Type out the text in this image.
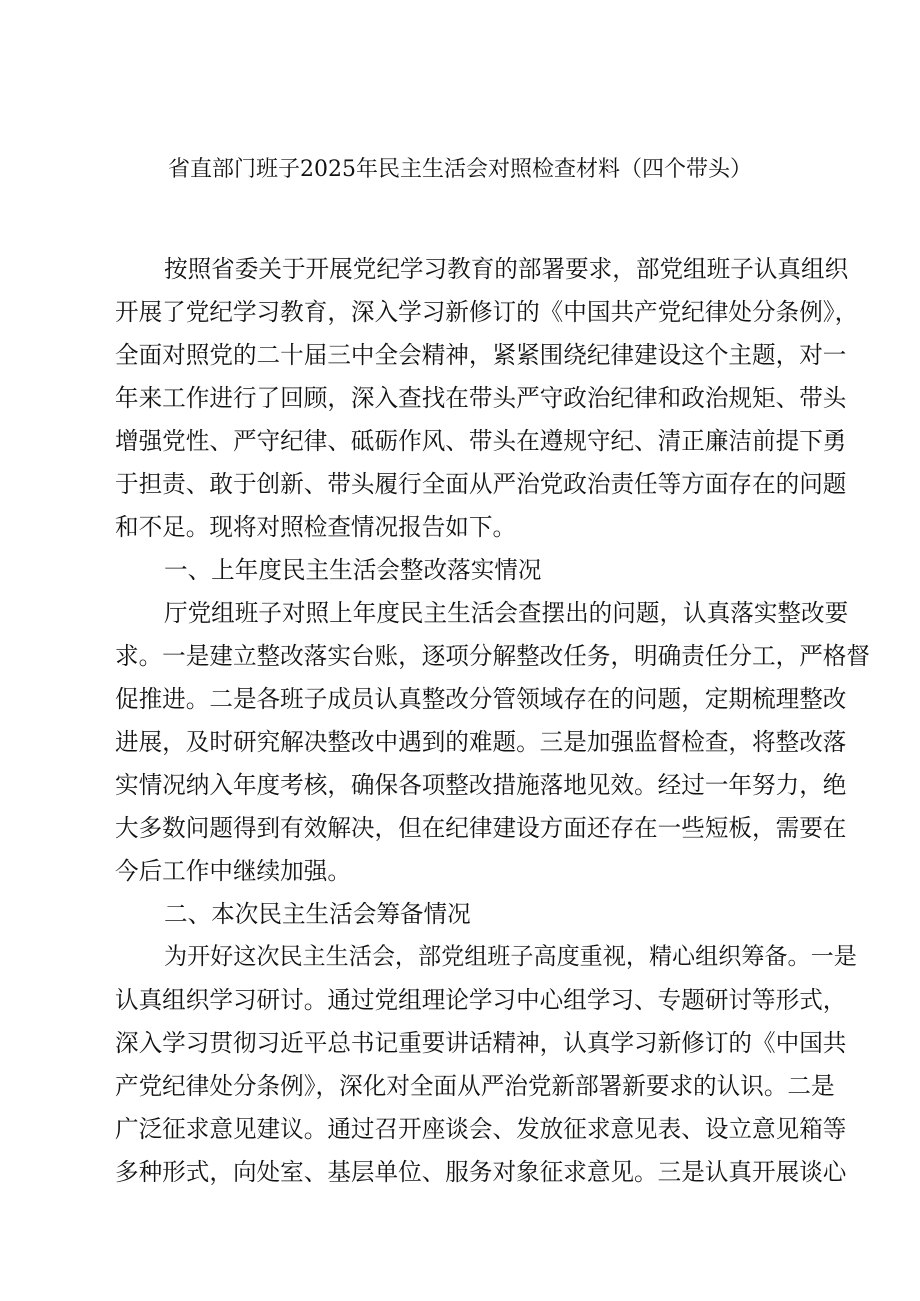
省直部门班子2025年民主生活会对照检查材料（四个带头）

按照省委关于开展党纪学习教育的部署要求，部党组班子认真组织

开展了党纪学习教育，深入学习新修订的《中国共产党纪律处分条例》，

全面对照党的二十届三中全会精神，紧紧围绕纪律建设这个主题，对一

年来工作进行了回顾，深入查找在带头严守政治纪律和政治规矩、带头

增强党性、严守纪律、砥砺作风、带头在遵规守纪、清正廉洁前提下勇

于担责、敢于创新、带头履行全面从严治党政治责任等方面存在的问题

和不足。现将对照检查情况报告如下。

一、上年度民主生活会整改落实情况

厅党组班子对照上年度民主生活会查摆出的问题，认真落实整改要

求。一是建立整改落实台账，逐项分解整改任务，明确责任分工，严格督

促推进。二是各班子成员认真整改分管领域存在的问题，定期梳理整改

进展，及时研究解决整改中遇到的难题。三是加强监督检查，将整改落

实情况纳入年度考核，确保各项整改措施落地见效。经过一年努力，绝

大多数问题得到有效解决，但在纪律建设方面还存在一些短板，需要在

今后工作中继续加强。

二、本次民主生活会筹备情况

为开好这次民主生活会，部党组班子高度重视，精心组织筹备。一是

认真组织学习研讨。通过党组理论学习中心组学习、专题研讨等形式，

深入学习贯彻习近平总书记重要讲话精神，认真学习新修订的《中国共

产党纪律处分条例》，深化对全面从严治党新部署新要求的认识。二是

广泛征求意见建议。通过召开座谈会、发放征求意见表、设立意见箱等

多种形式，向处室、基层单位、服务对象征求意见。三是认真开展谈心
